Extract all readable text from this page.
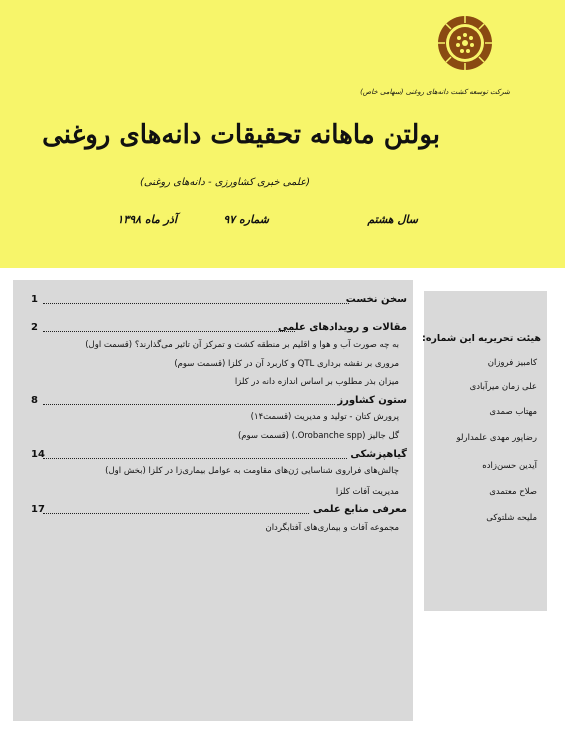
شرکت توسعه کشت دانه‌های روغنی (سهامی خاص)
بولتن ماهانه تحقیقات دانه‌های روغنی
(علمی خبری کشاورزی - دانه‌های روغنی)
سال هشتم
شماره ۹۷
آذر ماه ۱۳۹۸
سخن نخست
1
مقالات و رویدادهای علمی
2
به چه صورت آب و هوا و اقلیم بر منطقه کشت و تمرکز آن تاثیر می‌گذارند؟ (قسمت اول)
مروری بر نقشه برداری QTL و کاربرد آن در کلزا (قسمت سوم)
میزان بذر مطلوب بر اساس اندازه دانه در کلزا
ستون کشاورز
8
پرورش کتان - تولید و مدیریت (قسمت۱۴)
گل جالیز (Orobanche spp.) (قسمت سوم)
گیاهپزشکی
14
چالش‌های فراروی شناسایی ژن‌های مقاومت به عوامل بیماری‌زا در کلزا (بخش اول)
مدیریت آفات کلزا
معرفی منابع علمی
17
مجموعه آفات و بیماری‌های آفتابگردان
هیئت تحریریه این شماره:
کامبیز فروزان
علی زمان میرآبادی
مهتاب صمدی
رضاپور مهدی علمدارلو
آیدین حسن‌زاده
صلاح معتمدی
ملیحه شلتوکی
